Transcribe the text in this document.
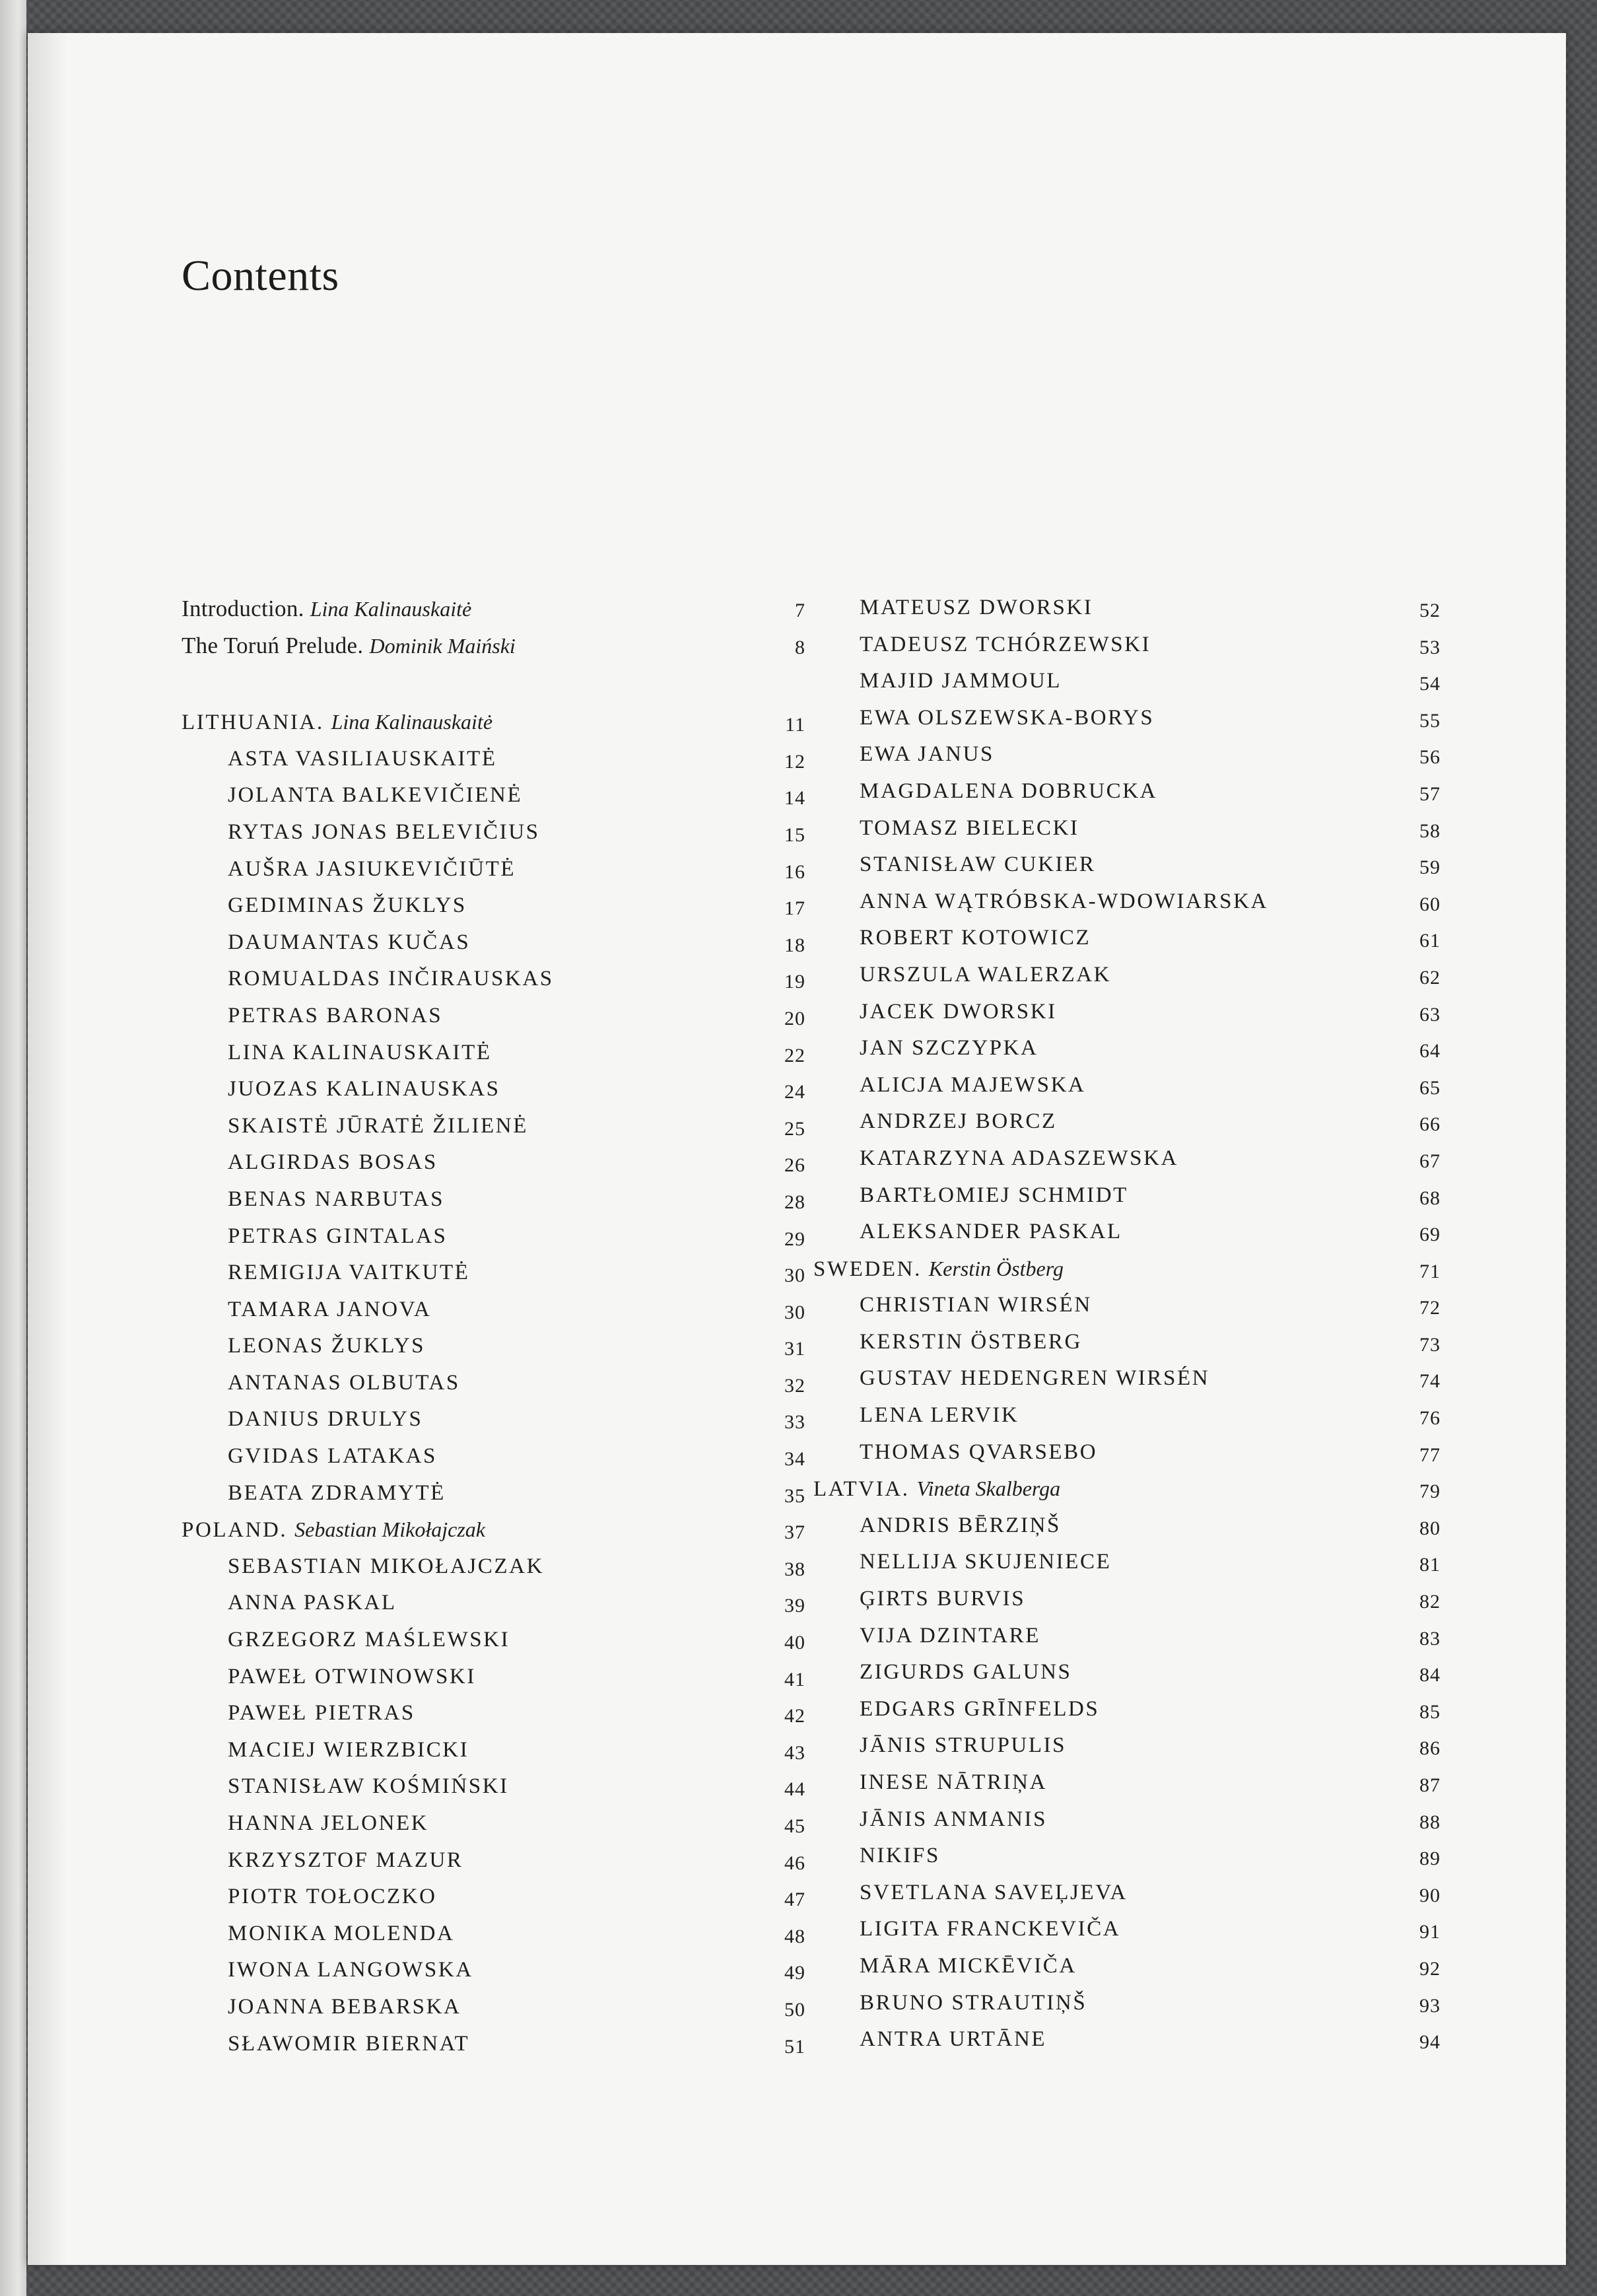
Contents
Introduction. Lina Kalinauskaitė	7
The Toruń Prelude. Dominik Maiński	8
LITHUANIA. Lina Kalinauskaitė	11
ASTA VASILIAUSKAITĖ	12
JOLANTA BALKEVIČIENĖ	14
RYTAS JONAS BELEVIČIUS	15
AUŠRA JASIUKEVIČIŪTĖ	16
GEDIMINAS ŽUKLYS	17
DAUMANTAS KUČAS	18
ROMUALDAS INČIRAUSKAS	19
PETRAS BARONAS	20
LINA KALINAUSKAITĖ	22
JUOZAS KALINAUSKAS	24
SKAISTĖ JŪRATĖ ŽILIENĖ	25
ALGIRDAS BOSAS	26
BENAS NARBUTAS	28
PETRAS GINTALAS	29
REMIGIJA VAITKUTĖ	30
TAMARA JANOVA	30
LEONAS ŽUKLYS	31
ANTANAS OLBUTAS	32
DANIUS DRULYS	33
GVIDAS LATAKAS	34
BEATA ZDRAMYTĖ	35
POLAND. Sebastian Mikołajczak	37
SEBASTIAN MIKOŁAJCZAK	38
ANNA PASKAL	39
GRZEGORZ MAŚLEWSKI	40
PAWEŁ OTWINOWSKI	41
PAWEŁ PIETRAS	42
MACIEJ WIERZBICKI	43
STANISŁAW KOŚMIŃSKI	44
HANNA JELONEK	45
KRZYSZTOF MAZUR	46
PIOTR TOŁOCZKO	47
MONIKA MOLENDA	48
IWONA LANGOWSKA	49
JOANNA BEBARSKA	50
SŁAWOMIR BIERNAT	51
MATEUSZ DWORSKI	52
TADEUSZ TCHÓRZEWSKI	53
MAJID JAMMOUL	54
EWA OLSZEWSKA-BORYS	55
EWA JANUS	56
MAGDALENA DOBRUCKA	57
TOMASZ BIELECKI	58
STANISŁAW CUKIER	59
ANNA WĄTRÓBSKA-WDOWIARSKA	60
ROBERT KOTOWICZ	61
URSZULA WALERZAK	62
JACEK DWORSKI	63
JAN SZCZYPKA	64
ALICJA MAJEWSKA	65
ANDRZEJ BORCZ	66
KATARZYNA ADASZEWSKA	67
BARTŁOMIEJ SCHMIDT	68
ALEKSANDER PASKAL	69
SWEDEN. Kerstin Östberg	71
CHRISTIAN WIRSÉN	72
KERSTIN ÖSTBERG	73
GUSTAV HEDENGREN WIRSÉN	74
LENA LERVIK	76
THOMAS QVARSEBO	77
LATVIA. Vineta Skalberga	79
ANDRIS BĒRZIŅŠ	80
NELLIJA SKUJENIECE	81
ĢIRTS BURVIS	82
VIJA DZINTARE	83
ZIGURDS GALUNS	84
EDGARS GRĪNFELDS	85
JĀNIS STRUPULIS	86
INESE NĀTRIŅA	87
JĀNIS ANMANIS	88
NIKIFS	89
SVETLANA SAVEĻJEVA	90
LIGITA FRANCKEVIČA	91
MĀRA MICKĒVIČA	92
BRUNO STRAUTIŅŠ	93
ANTRA URTĀNE	94
